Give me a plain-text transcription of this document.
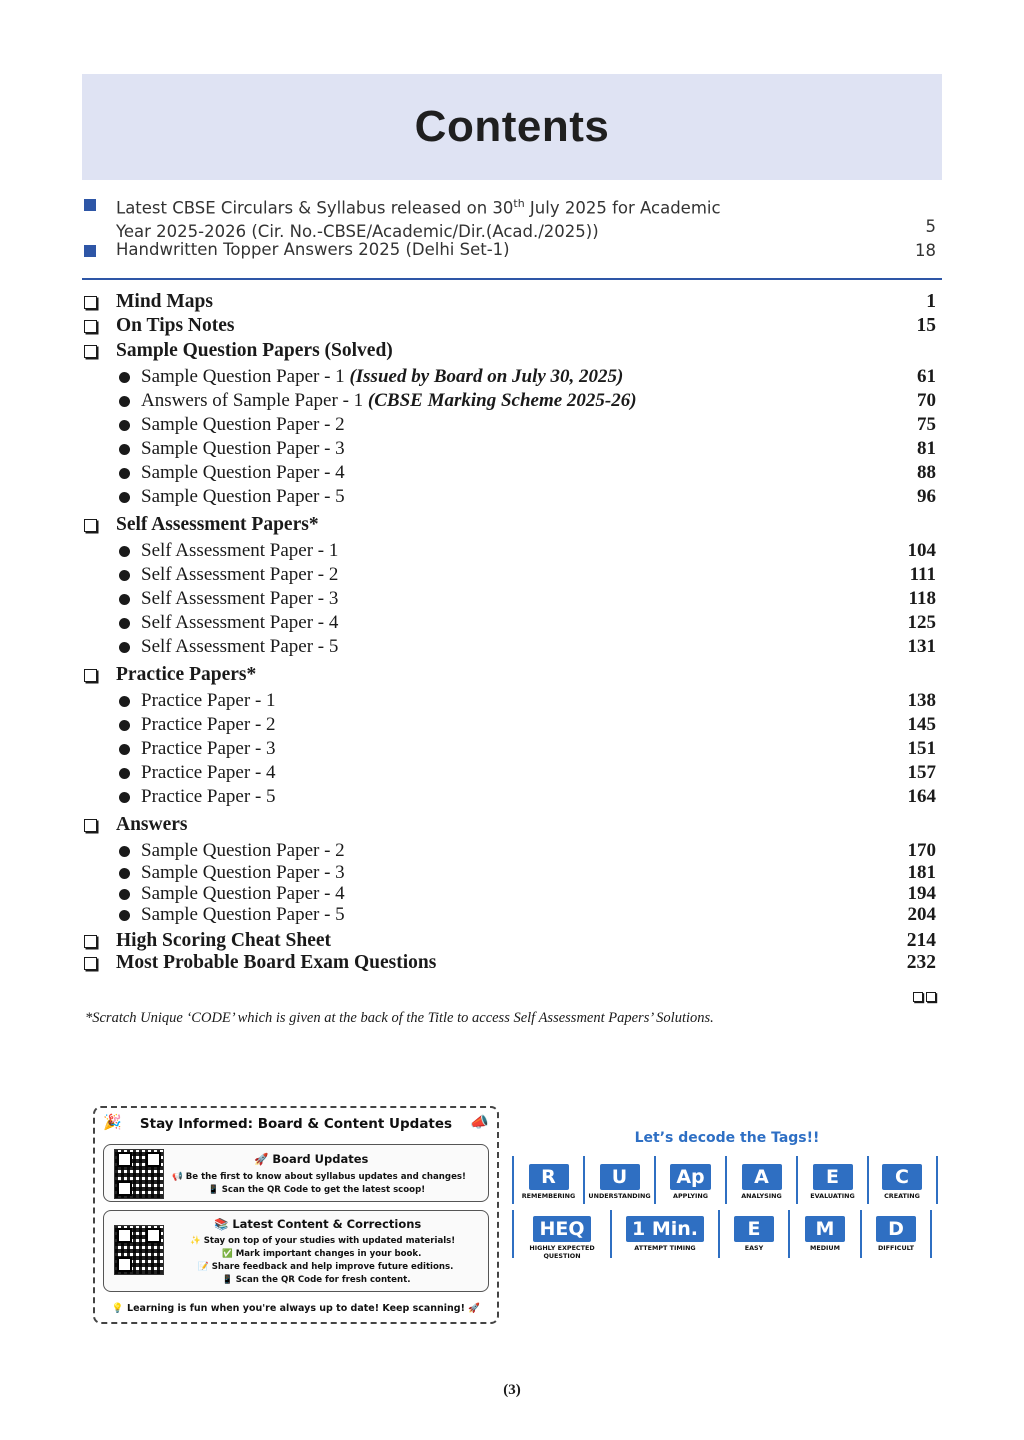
Contents
Latest CBSE Circulars & Syllabus released on 30th July 2025 for Academic
Year 2025-2026 (Cir. No.-CBSE/Academic/Dir.(Acad./2025))	5
Handwritten Topper Answers 2025 (Delhi Set-1)	18
Mind Maps	1
On Tips Notes	15
Sample Question Papers (Solved)
Sample Question Paper - 1 (Issued by Board on July 30, 2025)	61
Answers of Sample Paper - 1 (CBSE Marking Scheme 2025-26)	70
Sample Question Paper - 2	75
Sample Question Paper - 3	81
Sample Question Paper - 4	88
Sample Question Paper - 5	96
Self Assessment Papers*
Self Assessment Paper - 1	104
Self Assessment Paper - 2	111
Self Assessment Paper - 3	118
Self Assessment Paper - 4	125
Self Assessment Paper - 5	131
Practice Papers*
Practice Paper - 1	138
Practice Paper - 2	145
Practice Paper - 3	151
Practice Paper - 4	157
Practice Paper - 5	164
Answers
Sample Question Paper - 2	170
Sample Question Paper - 3	181
Sample Question Paper - 4	194
Sample Question Paper - 5	204
High Scoring Cheat Sheet	214
Most Probable Board Exam Questions	232
*Scratch Unique ‘CODE’ which is given at the back of the Title to access Self Assessment Papers’ Solutions.
🎉	Stay Informed: Board & Content Updates	📣
🚀 Board Updates
📢 Be the first to know about syllabus updates and changes!
📱 Scan the QR Code to get the latest scoop!
📚 Latest Content & Corrections
✨ Stay on top of your studies with updated materials!
✅ Mark important changes in your book.
📝 Share feedback and help improve future editions.
📱 Scan the QR Code for fresh content.
💡 Learning is fun when you're always up to date! Keep scanning! 🚀
Let’s decode the Tags!!
R
REMEMBERING
U
UNDERSTANDING
Ap
APPLYING
A
ANALYSING
E
EVALUATING
C
CREATING
HEQ
HIGHLY EXPECTED QUESTION
1 Min.
ATTEMPT TIMING
E
EASY
M
MEDIUM
D
DIFFICULT
(3)
